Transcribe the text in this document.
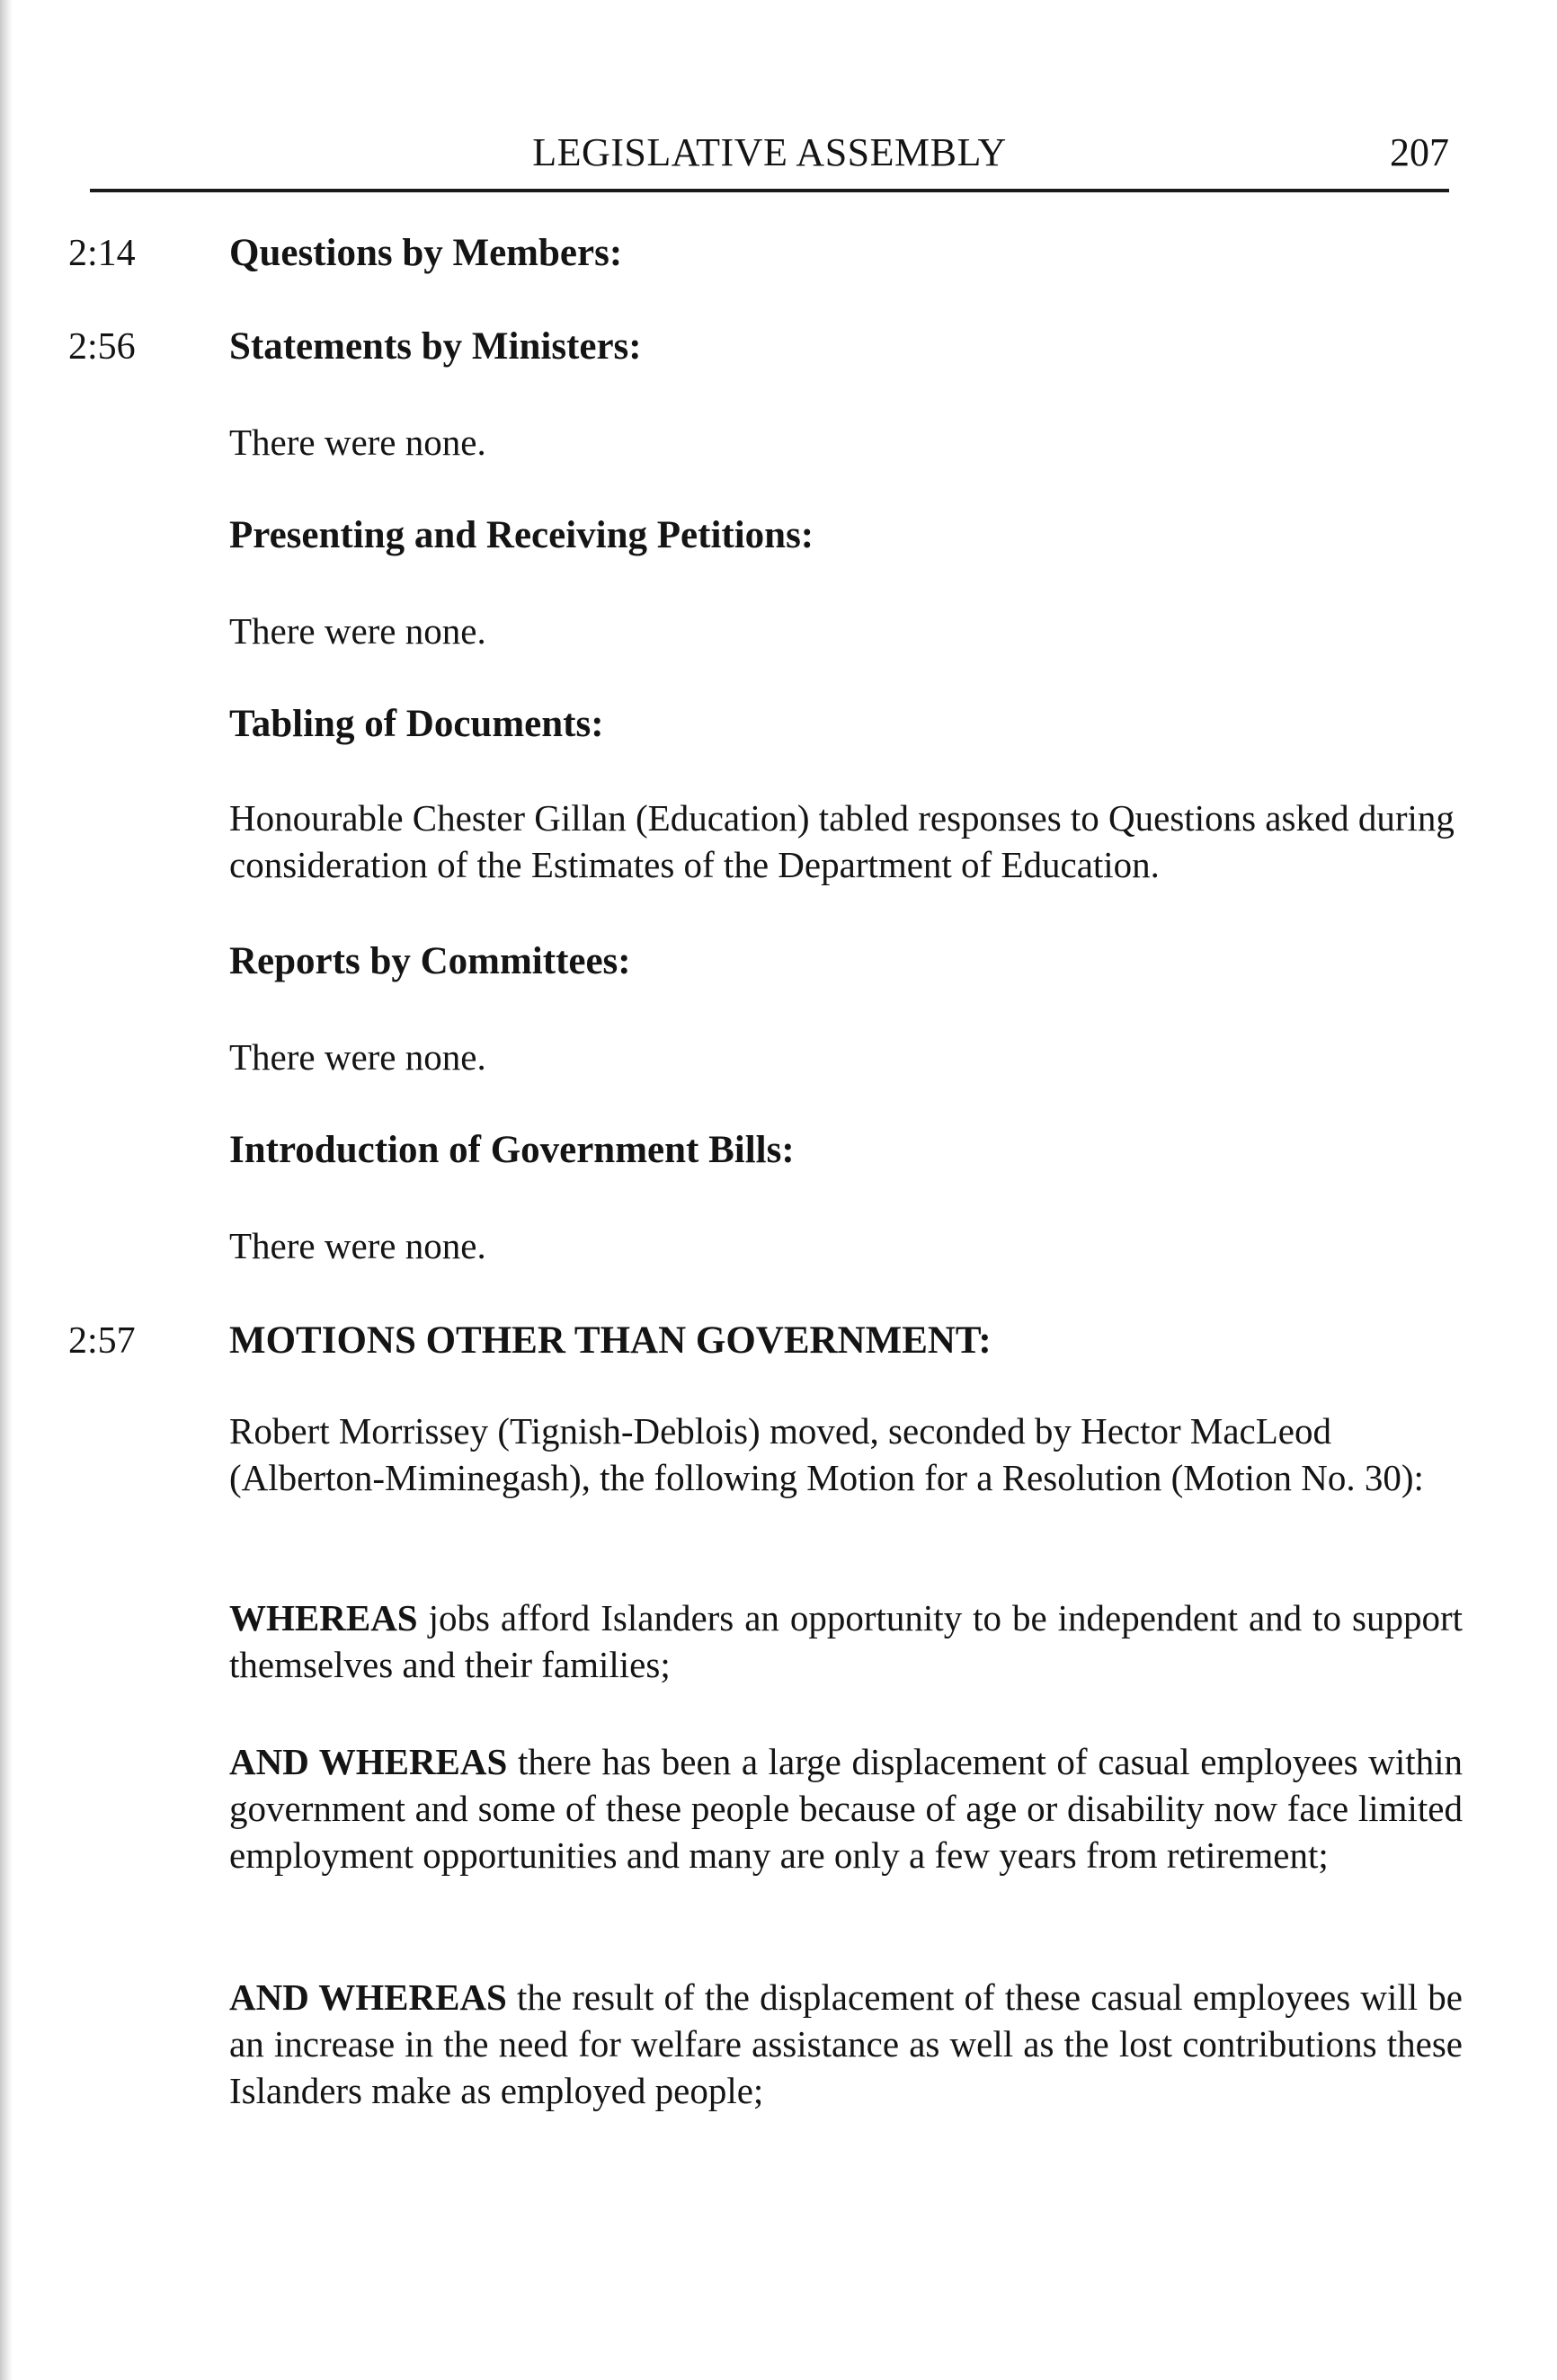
LEGISLATIVE ASSEMBLY	207
2:14	Questions by Members:

2:56	Statements by Ministers:

There were none.

Presenting and Receiving Petitions:

There were none.

Tabling of Documents:

Honourable Chester Gillan (Education) tabled responses to Questions asked during consideration of the Estimates of the Department of Education.

Reports by Committees:

There were none.

Introduction of Government Bills:

There were none.

2:57	MOTIONS OTHER THAN GOVERNMENT:

Robert Morrissey (Tignish-Deblois) moved, seconded by Hector MacLeod (Alberton-Miminegash), the following Motion for a Resolution (Motion No. 30):

WHEREAS jobs afford Islanders an opportunity to be independent and to support themselves and their families;

AND WHEREAS there has been a large displacement of casual employees within government and some of these people because of age or disability now face limited employment opportunities and many are only a few years from retirement;

AND WHEREAS the result of the displacement of these casual employees will be an increase in the need for welfare assistance as well as the lost contributions these Islanders make as employed people;
